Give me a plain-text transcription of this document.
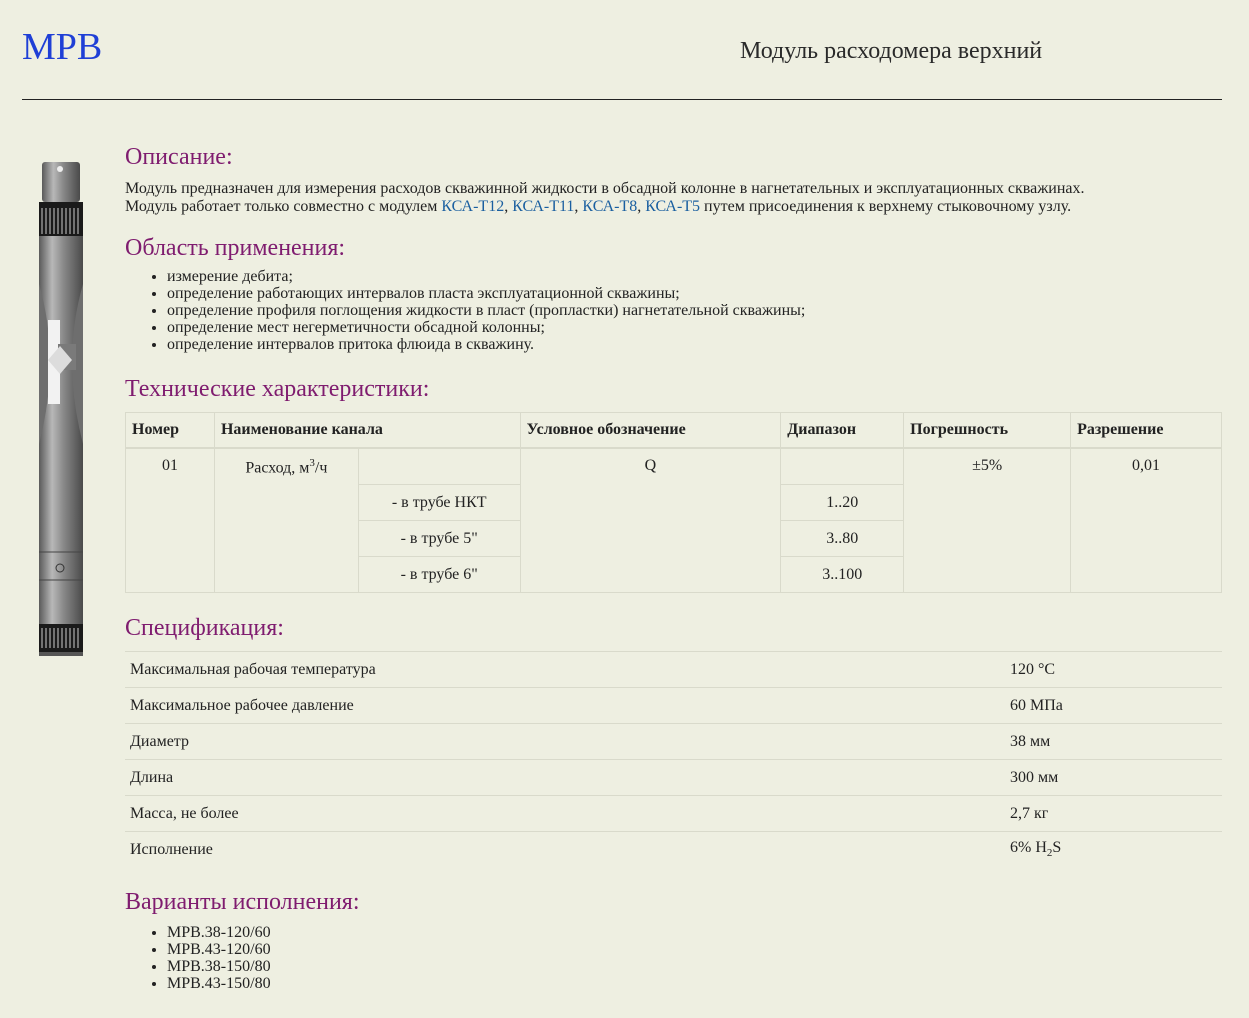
МРВ	Модуль расходомера верхний
Описание:

Модуль предназначен для измерения расходов скважинной жидкости в обсадной колонне в нагнетательных и эксплуатационных скважинах.

Модуль работает только совместно с модулем КСА-Т12, КСА-Т11, КСА-Т8, КСА-Т5 путем присоединения к верхнему стыковочному узлу.

Область применения:
• измерение дебита;
• определение работающих интервалов пласта эксплуатационной скважины;
• определение профиля поглощения жидкости в пласт (пропластки) нагнетательной скважины;
• определение мест негерметичности обсадной колонны;
• определение интервалов притока флюида в скважину.
Технические характеристики:
Номер	Наименование канала		Условное обозначение	Диапазон	Погрешность	Разрешение
01	Расход, $м^3/ч$		Q		±5%	0,01
		- в трубе НКТ		1..20		
		- в трубе 5"		3..80		
		- в трубе 6"		3..100		
Спецификация:
Максимальная рабочая температура	120 °C
Максимальное рабочее давление	60 МПа
Диаметр	38 мм
Длина	300 мм
Масса, не более	2,7 кг
Исполнение	6% $H_2S$
Варианты исполнения:
• МРВ.38-120/60
• МРВ.43-120/60
• МРВ.38-150/80
• МРВ.43-150/80
